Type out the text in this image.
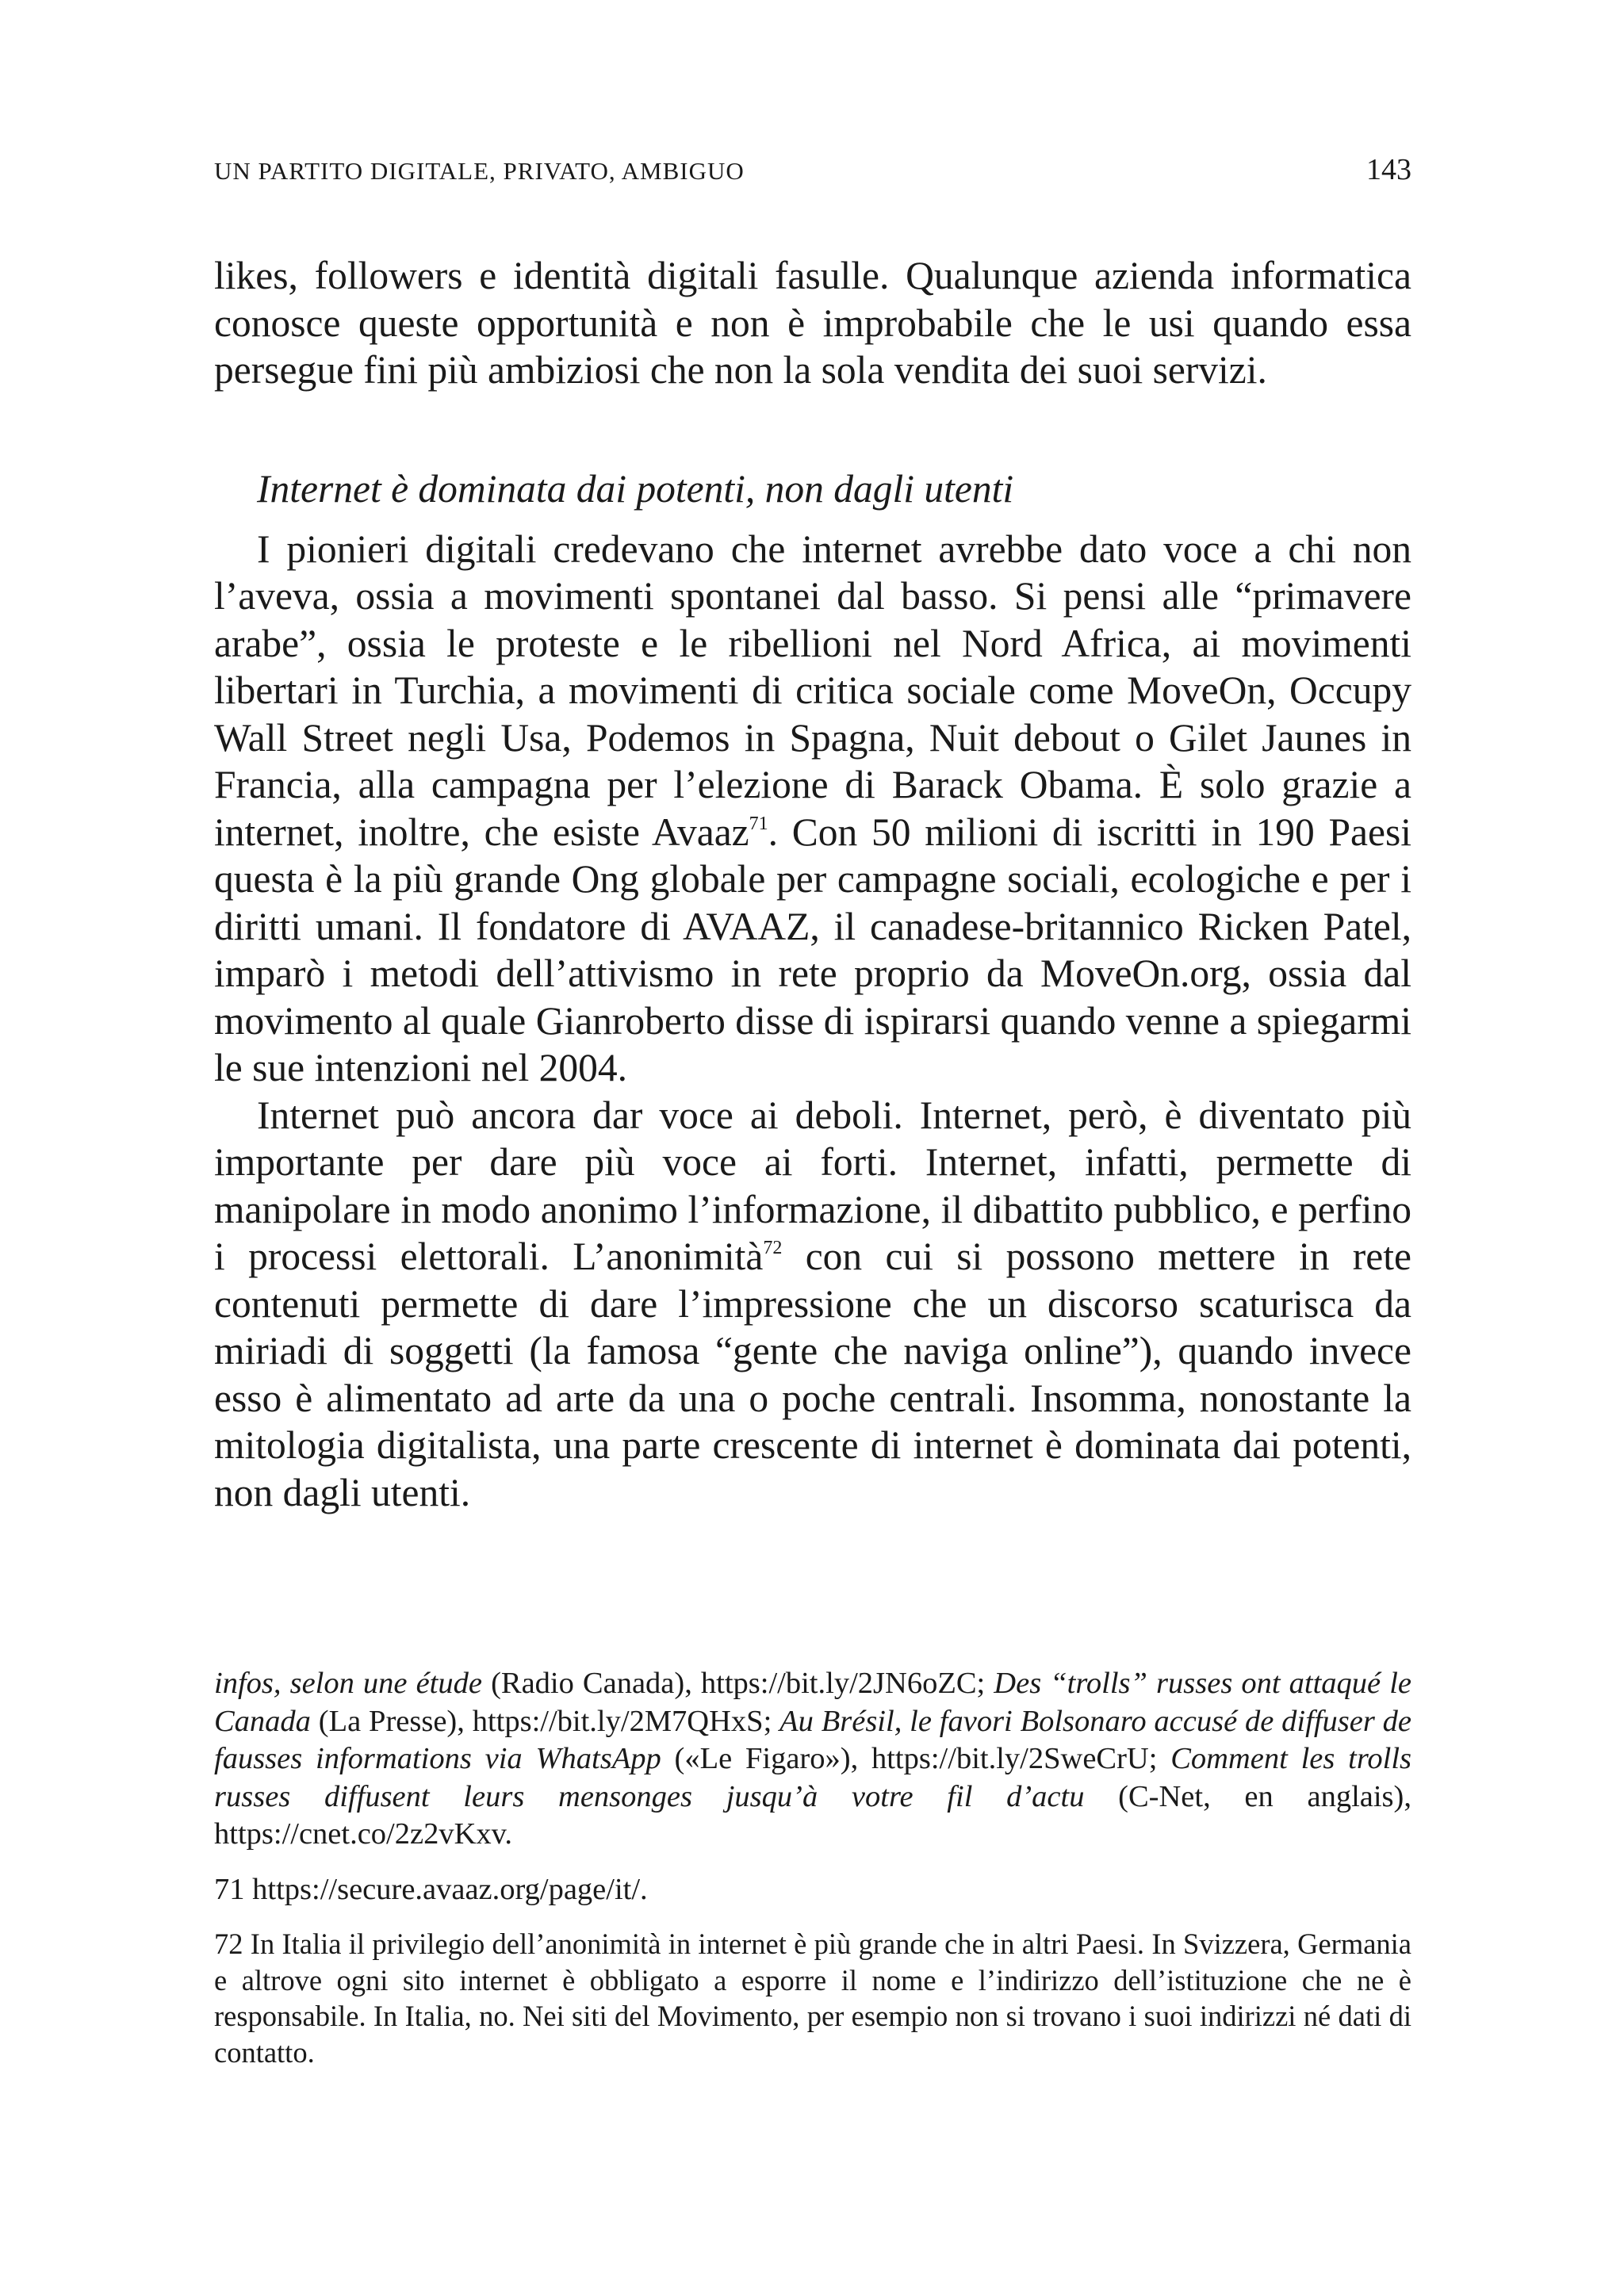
UN PARTITO DIGITALE, PRIVATO, AMBIGUO	143

likes, followers e identità digitali fasulle. Qualunque azienda informatica conosce queste opportunità e non è improbabile che le usi quando essa persegue fini più ambiziosi che non la sola vendita dei suoi servizi.

Internet è dominata dai potenti, non dagli utenti

I pionieri digitali credevano che internet avrebbe dato voce a chi non l’aveva, ossia a movimenti spontanei dal basso. Si pensi alle “primavere arabe”, ossia le proteste e le ribellioni nel Nord Africa, ai movimenti libertari in Turchia, a movimenti di critica sociale come MoveOn, Occupy Wall Street negli Usa, Podemos in Spagna, Nuit debout o Gilet Jaunes in Francia, alla campagna per l’elezione di Barack Obama. È solo grazie a internet, inoltre, che esiste Avaaz$^{71}$. Con 50 milioni di iscritti in 190 Paesi questa è la più grande Ong globale per campagne sociali, ecologiche e per i diritti umani. Il fondatore di AVAAZ, il canadese-britannico Ricken Patel, imparò i metodi dell’attivismo in rete proprio da MoveOn.org, ossia dal movimento al quale Gianroberto disse di ispirarsi quando venne a spiegarmi le sue intenzioni nel 2004.

Internet può ancora dar voce ai deboli. Internet, però, è diventato più importante per dare più voce ai forti. Internet, infatti, permette di manipolare in modo anonimo l’informazione, il dibattito pubblico, e perfino i processi elettorali. L’anonimità$^{72}$ con cui si possono mettere in rete contenuti permette di dare l’impressione che un discorso scaturisca da miriadi di soggetti (la famosa “gente che naviga online”), quando invece esso è alimentato ad arte da una o poche centrali. Insomma, nonostante la mitologia digitalista, una parte crescente di internet è dominata dai potenti, non dagli utenti.

infos, selon une étude (Radio Canada), https://bit.ly/2JN6oZC; Des “trolls” russes ont attaqué le Canada (La Presse), https://bit.ly/2M7QHxS; Au Brésil, le favori Bolsonaro accusé de diffuser de fausses informations via WhatsApp («Le Figaro»), https://bit.ly/2SweCrU; Comment les trolls russes diffusent leurs mensonges jusqu’à votre fil d’actu (C-Net, en anglais), https://cnet.co/2z2vKxv.

71 https://secure.avaaz.org/page/it/.

72 In Italia il privilegio dell’anonimità in internet è più grande che in altri Paesi. In Svizzera, Germania e altrove ogni sito internet è obbligato a esporre il nome e l’indirizzo dell’istituzione che ne è responsabile. In Italia, no. Nei siti del Movimento, per esempio non si trovano i suoi indirizzi né dati di contatto.
